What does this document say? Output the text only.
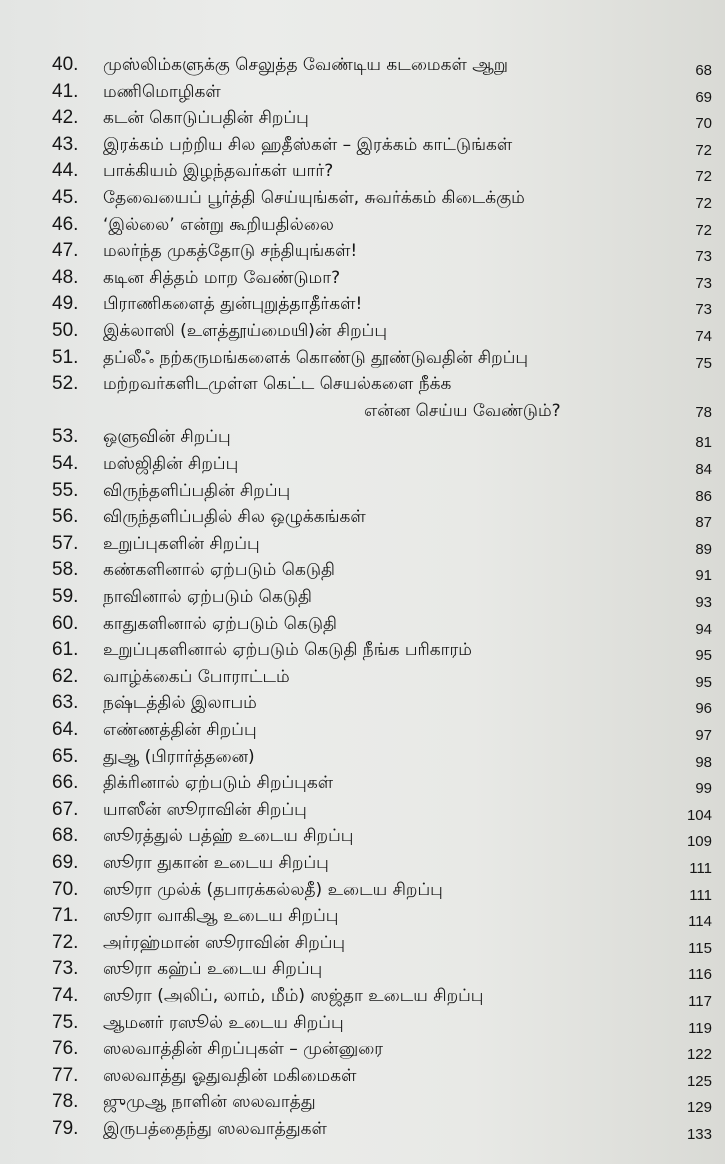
40.	முஸ்லிம்களுக்கு செலுத்த வேண்டிய கடமைகள் ஆறு	68
41.	மணிமொழிகள்	69
42.	கடன் கொடுப்பதின் சிறப்பு	70
43.	இரக்கம் பற்றிய சில ஹதீஸ்கள் – இரக்கம் காட்டுங்கள்	72
44.	பாக்கியம் இழந்தவர்கள் யார்?	72
45.	தேவையைப் பூர்த்தி செய்யுங்கள், சுவர்க்கம் கிடைக்கும்	72
46.	‘இல்லை’ என்று கூறியதில்லை	72
47.	மலர்ந்த முகத்தோடு சந்தியுங்கள்!	73
48.	கடின சித்தம் மாற வேண்டுமா?	73
49.	பிராணிகளைத் துன்புறுத்தாதீர்கள்!	73
50.	இக்லாஸி (உளத்தூய்மையி)ன் சிறப்பு	74
51.	தப்லீஃ நற்கருமங்களைக் கொண்டு தூண்டுவதின் சிறப்பு	75
52.	மற்றவர்களிடமுள்ள கெட்ட செயல்களை நீக்க
என்ன செய்ய வேண்டும்?	78
53.	ஒளுவின் சிறப்பு	81
54.	மஸ்ஜிதின் சிறப்பு	84
55.	விருந்தளிப்பதின் சிறப்பு	86
56.	விருந்தளிப்பதில் சில ஒழுக்கங்கள்	87
57.	உறுப்புகளின் சிறப்பு	89
58.	கண்களினால் ஏற்படும் கெடுதி	91
59.	நாவினால் ஏற்படும் கெடுதி	93
60.	காதுகளினால் ஏற்படும் கெடுதி	94
61.	உறுப்புகளினால் ஏற்படும் கெடுதி நீங்க பரிகாரம்	95
62.	வாழ்க்கைப் போராட்டம்	95
63.	நஷ்டத்தில் இலாபம்	96
64.	எண்ணத்தின் சிறப்பு	97
65.	துஆ (பிரார்த்தனை)	98
66.	திக்ரினால் ஏற்படும் சிறப்புகள்	99
67.	யாஸீன் ஸூராவின் சிறப்பு	104
68.	ஸூரத்துல் பத்ஹ் உடைய சிறப்பு	109
69.	ஸூரா துகான் உடைய சிறப்பு	111
70.	ஸூரா முல்க் (தபாரக்கல்லதீ) உடைய சிறப்பு	111
71.	ஸூரா வாகிஆ உடைய சிறப்பு	114
72.	அர்ரஹ்மான் ஸூராவின் சிறப்பு	115
73.	ஸூரா கஹ்ப் உடைய சிறப்பு	116
74.	ஸூரா (அலிப், லாம், மீம்) ஸஜ்தா உடைய சிறப்பு	117
75.	ஆமனர் ரஸூல் உடைய சிறப்பு	119
76.	ஸலவாத்தின் சிறப்புகள் – முன்னுரை	122
77.	ஸலவாத்து ஓதுவதின் மகிமைகள்	125
78.	ஜுமுஆ நாளின் ஸலவாத்து	129
79.	இருபத்தைந்து ஸலவாத்துகள்	133
